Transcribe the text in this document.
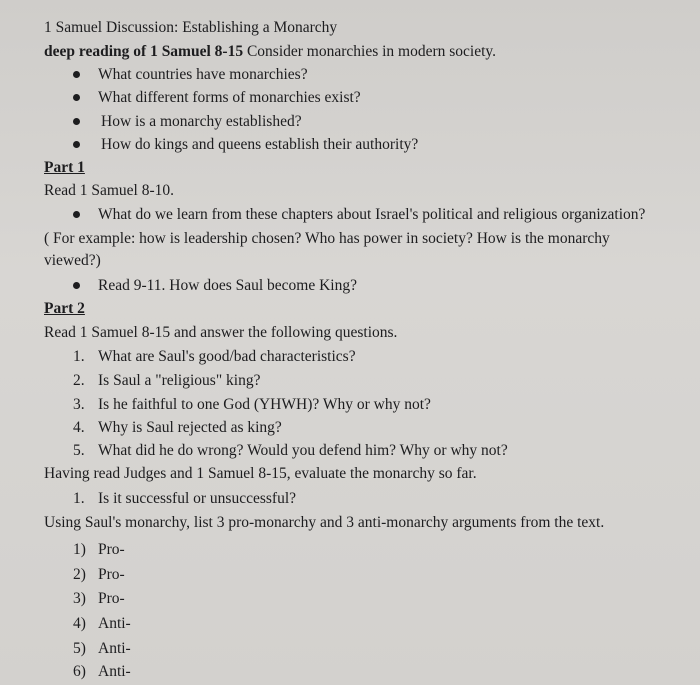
1 Samuel Discussion: Establishing a Monarchy
deep reading of 1 Samuel 8-15 Consider monarchies in modern society.
What countries have monarchies?
What different forms of monarchies exist?
How is a monarchy established?
How do kings and queens establish their authority?
Part 1
Read 1 Samuel 8-10.
What do we learn from these chapters about Israel's political and religious organization?
( For example: how is leadership chosen? Who has power in society? How is the monarchy
viewed?)
Read 9-11. How does Saul become King?
Part 2
Read 1 Samuel 8-15 and answer the following questions.
1. What are Saul's good/bad characteristics?
2. Is Saul a "religious" king?
3. Is he faithful to one God (YHWH)? Why or why not?
4. Why is Saul rejected as king?
5. What did he do wrong? Would you defend him? Why or why not?
Having read Judges and 1 Samuel 8-15, evaluate the monarchy so far.
1. Is it successful or unsuccessful?
Using Saul's monarchy, list 3 pro-monarchy and 3 anti-monarchy arguments from the text.
1) Pro-
2) Pro-
3) Pro-
4) Anti-
5) Anti-
6) Anti-
